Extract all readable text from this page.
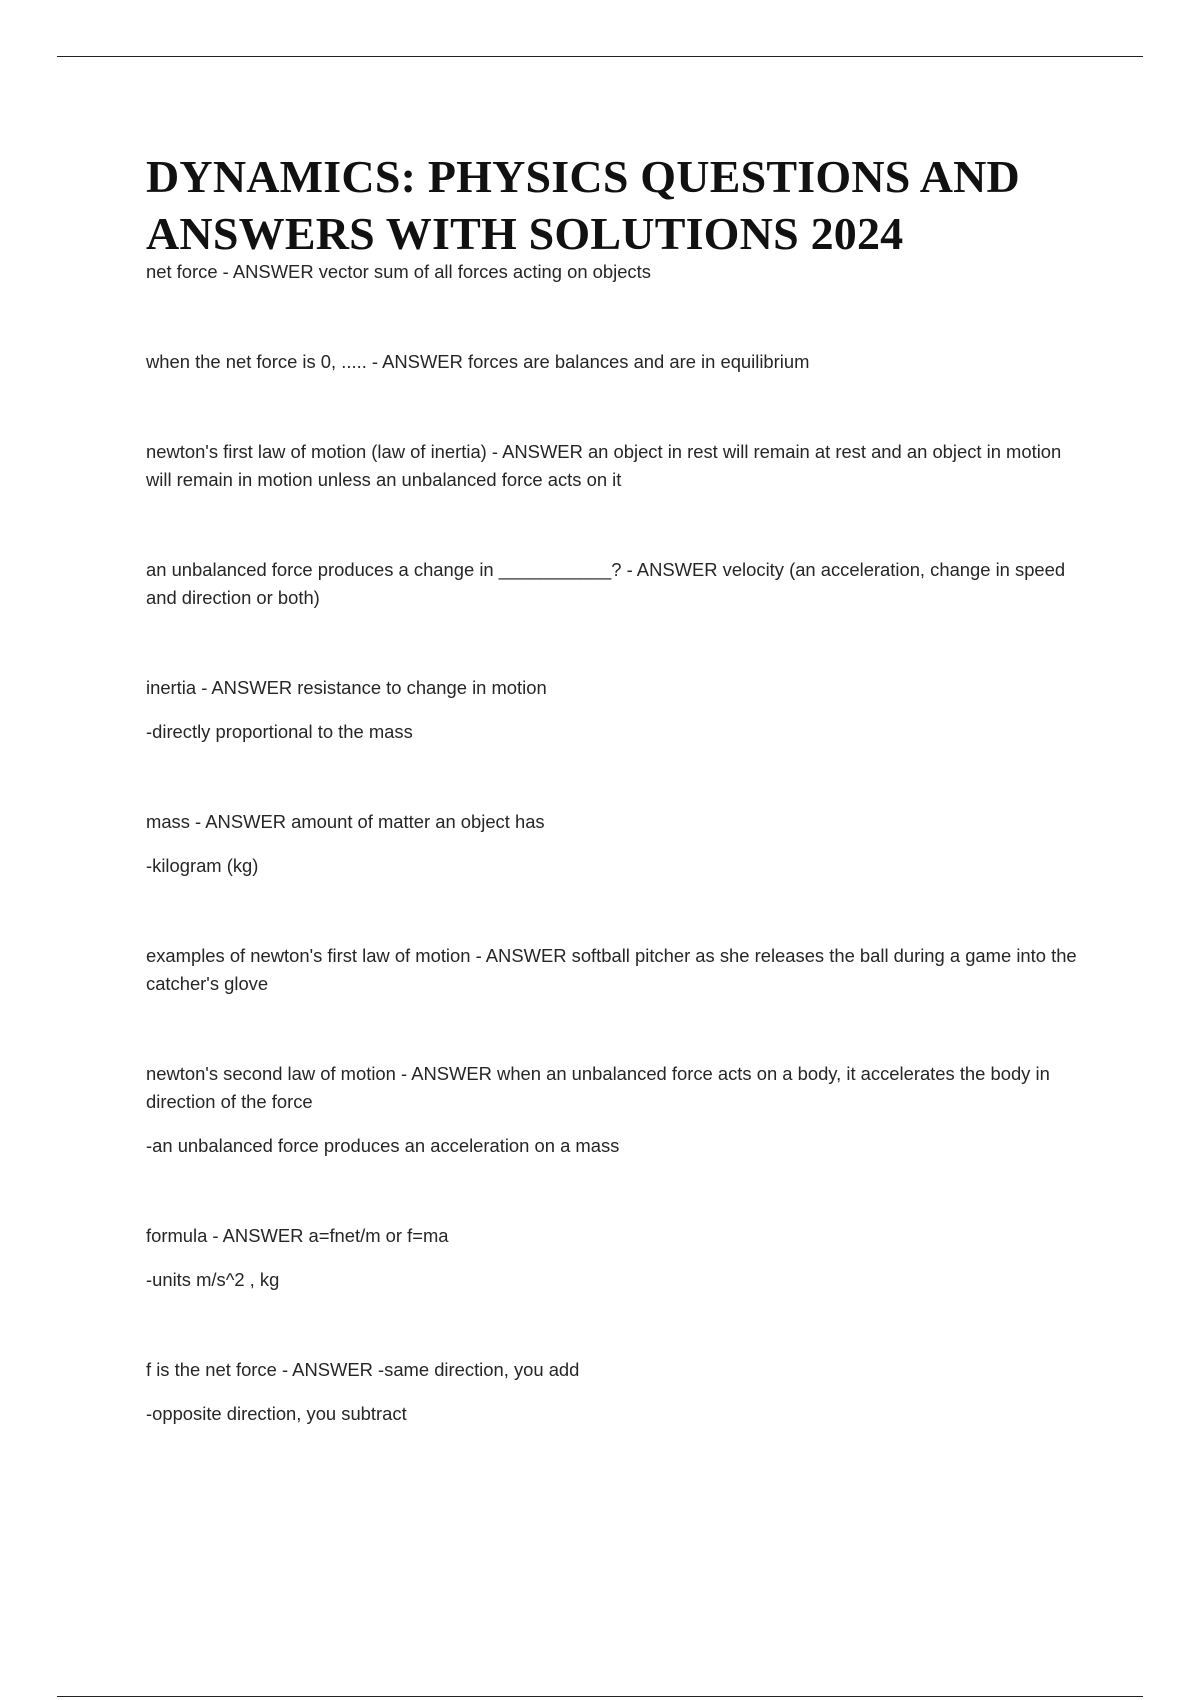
DYNAMICS: PHYSICS QUESTIONS AND
ANSWERS WITH SOLUTIONS 2024

net force - ANSWER vector sum of all forces acting on objects

when the net force is 0, ..... - ANSWER forces are balances and are in equilibrium

newton's first law of motion (law of inertia) - ANSWER an object in rest will remain at rest and an object in motion will remain in motion unless an unbalanced force acts on it

an unbalanced force produces a change in ___________? - ANSWER velocity (an acceleration, change in speed and direction or both)

inertia - ANSWER resistance to change in motion

-directly proportional to the mass

mass - ANSWER amount of matter an object has

-kilogram (kg)

examples of newton's first law of motion - ANSWER softball pitcher as she releases the ball during a game into the catcher's glove

newton's second law of motion - ANSWER when an unbalanced force acts on a body, it accelerates the body in direction of the force

-an unbalanced force produces an acceleration on a mass

formula - ANSWER a=fnet/m or f=ma

-units m/s^2 , kg

f is the net force - ANSWER -same direction, you add

-opposite direction, you subtract
